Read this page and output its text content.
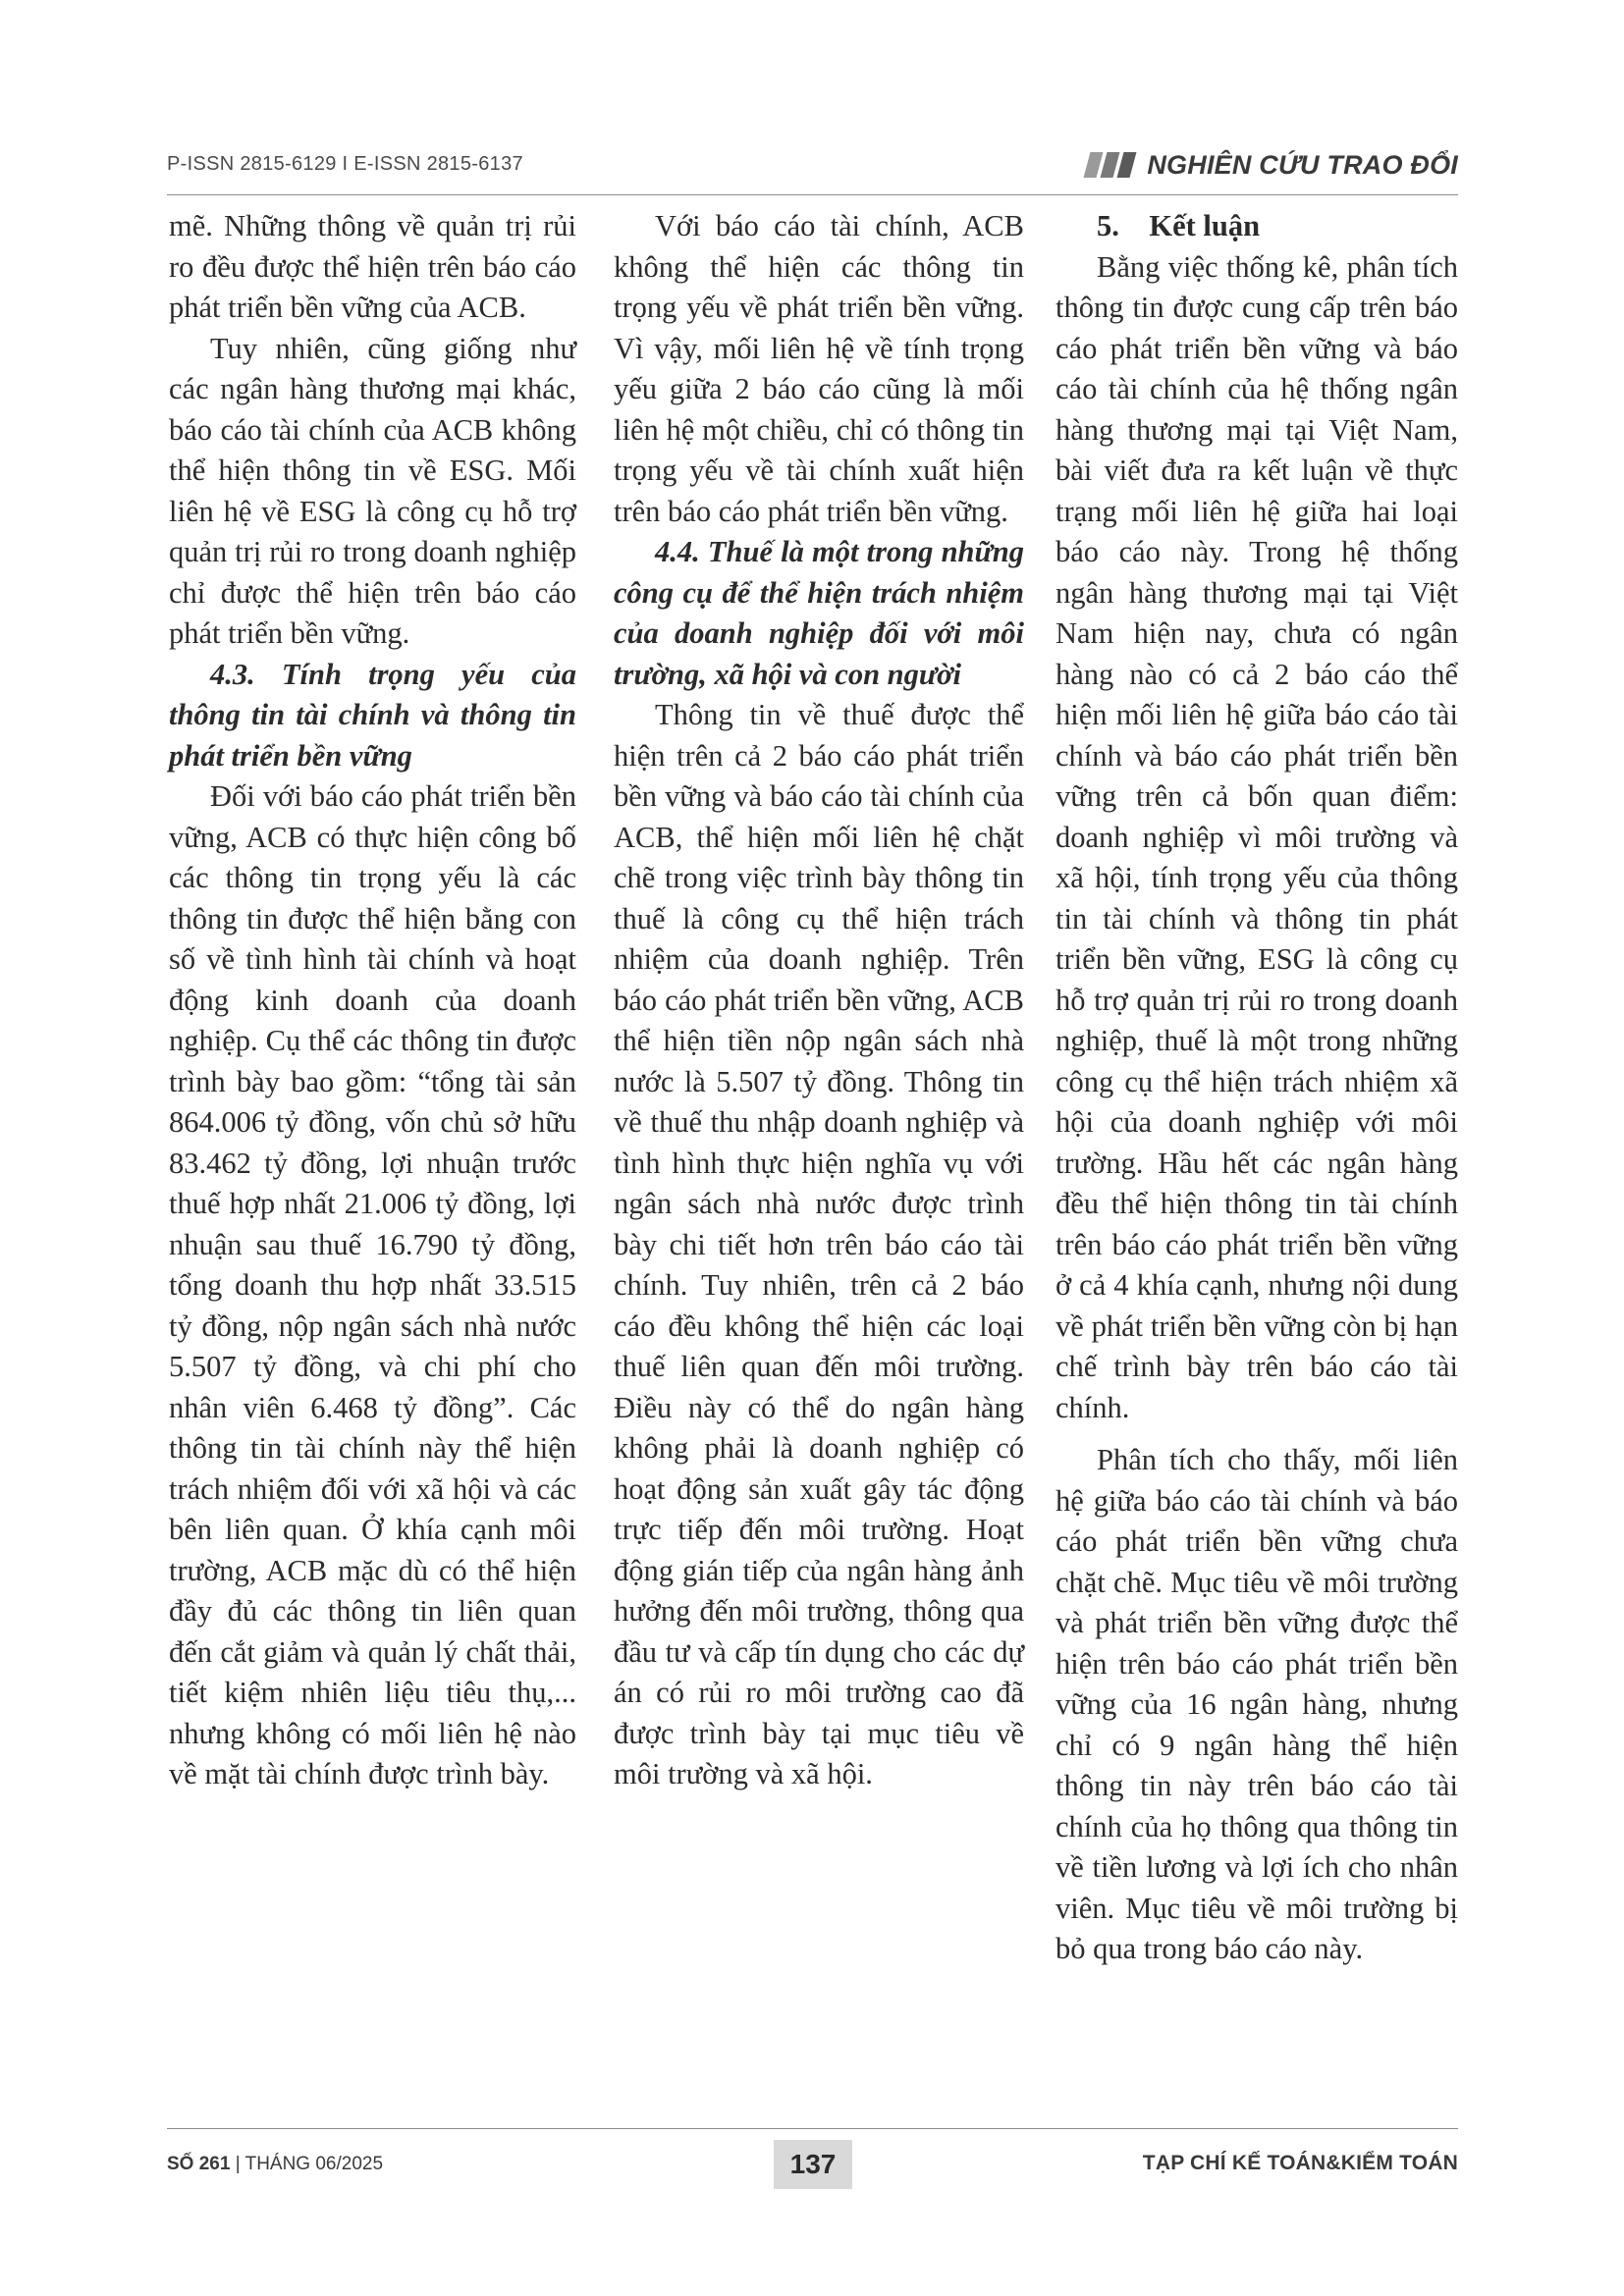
P-ISSN 2815-6129 I E-ISSN 2815-6137	NGHIÊN CỨU TRAO ĐỔI

mẽ. Những thông về quản trị rủi ro đều được thể hiện trên báo cáo phát triển bền vững của ACB.

Tuy nhiên, cũng giống như các ngân hàng thương mại khác, báo cáo tài chính của ACB không thể hiện thông tin về ESG. Mối liên hệ về ESG là công cụ hỗ trợ quản trị rủi ro trong doanh nghiệp chỉ được thể hiện trên báo cáo phát triển bền vững.

4.3. Tính trọng yếu của thông tin tài chính và thông tin phát triển bền vững

Đối với báo cáo phát triển bền vững, ACB có thực hiện công bố các thông tin trọng yếu là các thông tin được thể hiện bằng con số về tình hình tài chính và hoạt động kinh doanh của doanh nghiệp. Cụ thể các thông tin được trình bày bao gồm: “tổng tài sản 864.006 tỷ đồng, vốn chủ sở hữu 83.462 tỷ đồng, lợi nhuận trước thuế hợp nhất 21.006 tỷ đồng, lợi nhuận sau thuế 16.790 tỷ đồng, tổng doanh thu hợp nhất 33.515 tỷ đồng, nộp ngân sách nhà nước 5.507 tỷ đồng, và chi phí cho nhân viên 6.468 tỷ đồng”. Các thông tin tài chính này thể hiện trách nhiệm đối với xã hội và các bên liên quan. Ở khía cạnh môi trường, ACB mặc dù có thể hiện đầy đủ các thông tin liên quan đến cắt giảm và quản lý chất thải, tiết kiệm nhiên liệu tiêu thụ,... nhưng không có mối liên hệ nào về mặt tài chính được trình bày.

Với báo cáo tài chính, ACB không thể hiện các thông tin trọng yếu về phát triển bền vững. Vì vậy, mối liên hệ về tính trọng yếu giữa 2 báo cáo cũng là mối liên hệ một chiều, chỉ có thông tin trọng yếu về tài chính xuất hiện trên báo cáo phát triển bền vững.

4.4. Thuế là một trong những công cụ để thể hiện trách nhiệm của doanh nghiệp đối với môi trường, xã hội và con người

Thông tin về thuế được thể hiện trên cả 2 báo cáo phát triển bền vững và báo cáo tài chính của ACB, thể hiện mối liên hệ chặt chẽ trong việc trình bày thông tin thuế là công cụ thể hiện trách nhiệm của doanh nghiệp. Trên báo cáo phát triển bền vững, ACB thể hiện tiền nộp ngân sách nhà nước là 5.507 tỷ đồng. Thông tin về thuế thu nhập doanh nghiệp và tình hình thực hiện nghĩa vụ với ngân sách nhà nước được trình bày chi tiết hơn trên báo cáo tài chính. Tuy nhiên, trên cả 2 báo cáo đều không thể hiện các loại thuế liên quan đến môi trường. Điều này có thể do ngân hàng không phải là doanh nghiệp có hoạt động sản xuất gây tác động trực tiếp đến môi trường. Hoạt động gián tiếp của ngân hàng ảnh hưởng đến môi trường, thông qua đầu tư và cấp tín dụng cho các dự án có rủi ro môi trường cao đã được trình bày tại mục tiêu về môi trường và xã hội.

5.    Kết luận

Bằng việc thống kê, phân tích thông tin được cung cấp trên báo cáo phát triển bền vững và báo cáo tài chính của hệ thống ngân hàng thương mại tại Việt Nam, bài viết đưa ra kết luận về thực trạng mối liên hệ giữa hai loại báo cáo này. Trong hệ thống ngân hàng thương mại tại Việt Nam hiện nay, chưa có ngân hàng nào có cả 2 báo cáo thể hiện mối liên hệ giữa báo cáo tài chính và báo cáo phát triển bền vững trên cả bốn quan điểm: doanh nghiệp vì môi trường và xã hội, tính trọng yếu của thông tin tài chính và thông tin phát triển bền vững, ESG là công cụ hỗ trợ quản trị rủi ro trong doanh nghiệp, thuế là một trong những công cụ thể hiện trách nhiệm xã hội của doanh nghiệp với môi trường. Hầu hết các ngân hàng đều thể hiện thông tin tài chính trên báo cáo phát triển bền vững ở cả 4 khía cạnh, nhưng nội dung về phát triển bền vững còn bị hạn chế trình bày trên báo cáo tài chính.

Phân tích cho thấy, mối liên hệ giữa báo cáo tài chính và báo cáo phát triển bền vững chưa chặt chẽ. Mục tiêu về môi trường và phát triển bền vững được thể hiện trên báo cáo phát triển bền vững của 16 ngân hàng, nhưng chỉ có 9 ngân hàng thể hiện thông tin này trên báo cáo tài chính của họ thông qua thông tin về tiền lương và lợi ích cho nhân viên. Mục tiêu về môi trường bị bỏ qua trong báo cáo này.

SỐ 261 | THÁNG 06/2025	137	TẠP CHÍ KẾ TOÁN&KIỂM TOÁN
